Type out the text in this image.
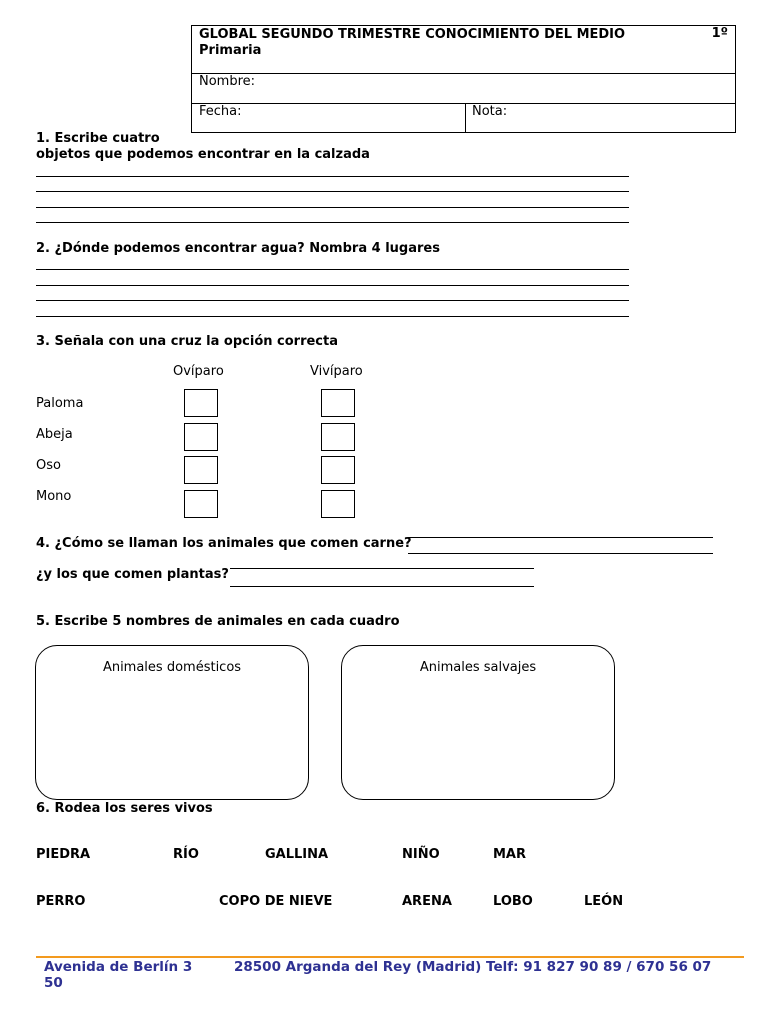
GLOBAL SEGUNDO TRIMESTRE CONOCIMIENTO DEL MEDIO	1º
Primaria
Nombre:
Fecha:	Nota:
1. Escribe cuatro
objetos que podemos encontrar en la calzada
2. ¿Dónde podemos encontrar agua? Nombra 4 lugares
3. Señala con una cruz la opción correcta
Ovíparo	Vivíparo
Paloma
Abeja
Oso
Mono
4. ¿Cómo se llaman los animales que comen carne?
¿y los que comen plantas?
5. Escribe 5 nombres de animales en cada cuadro
Animales domésticos	Animales salvajes
6. Rodea los seres vivos
PIEDRA	RÍO	GALLINA	NIÑO	MAR
PERRO	COPO DE NIEVE	ARENA	LOBO	LEÓN
Avenida de Berlín 3
50
28500 Arganda del Rey (Madrid) Telf: 91 827 90 89 / 670 56 07
